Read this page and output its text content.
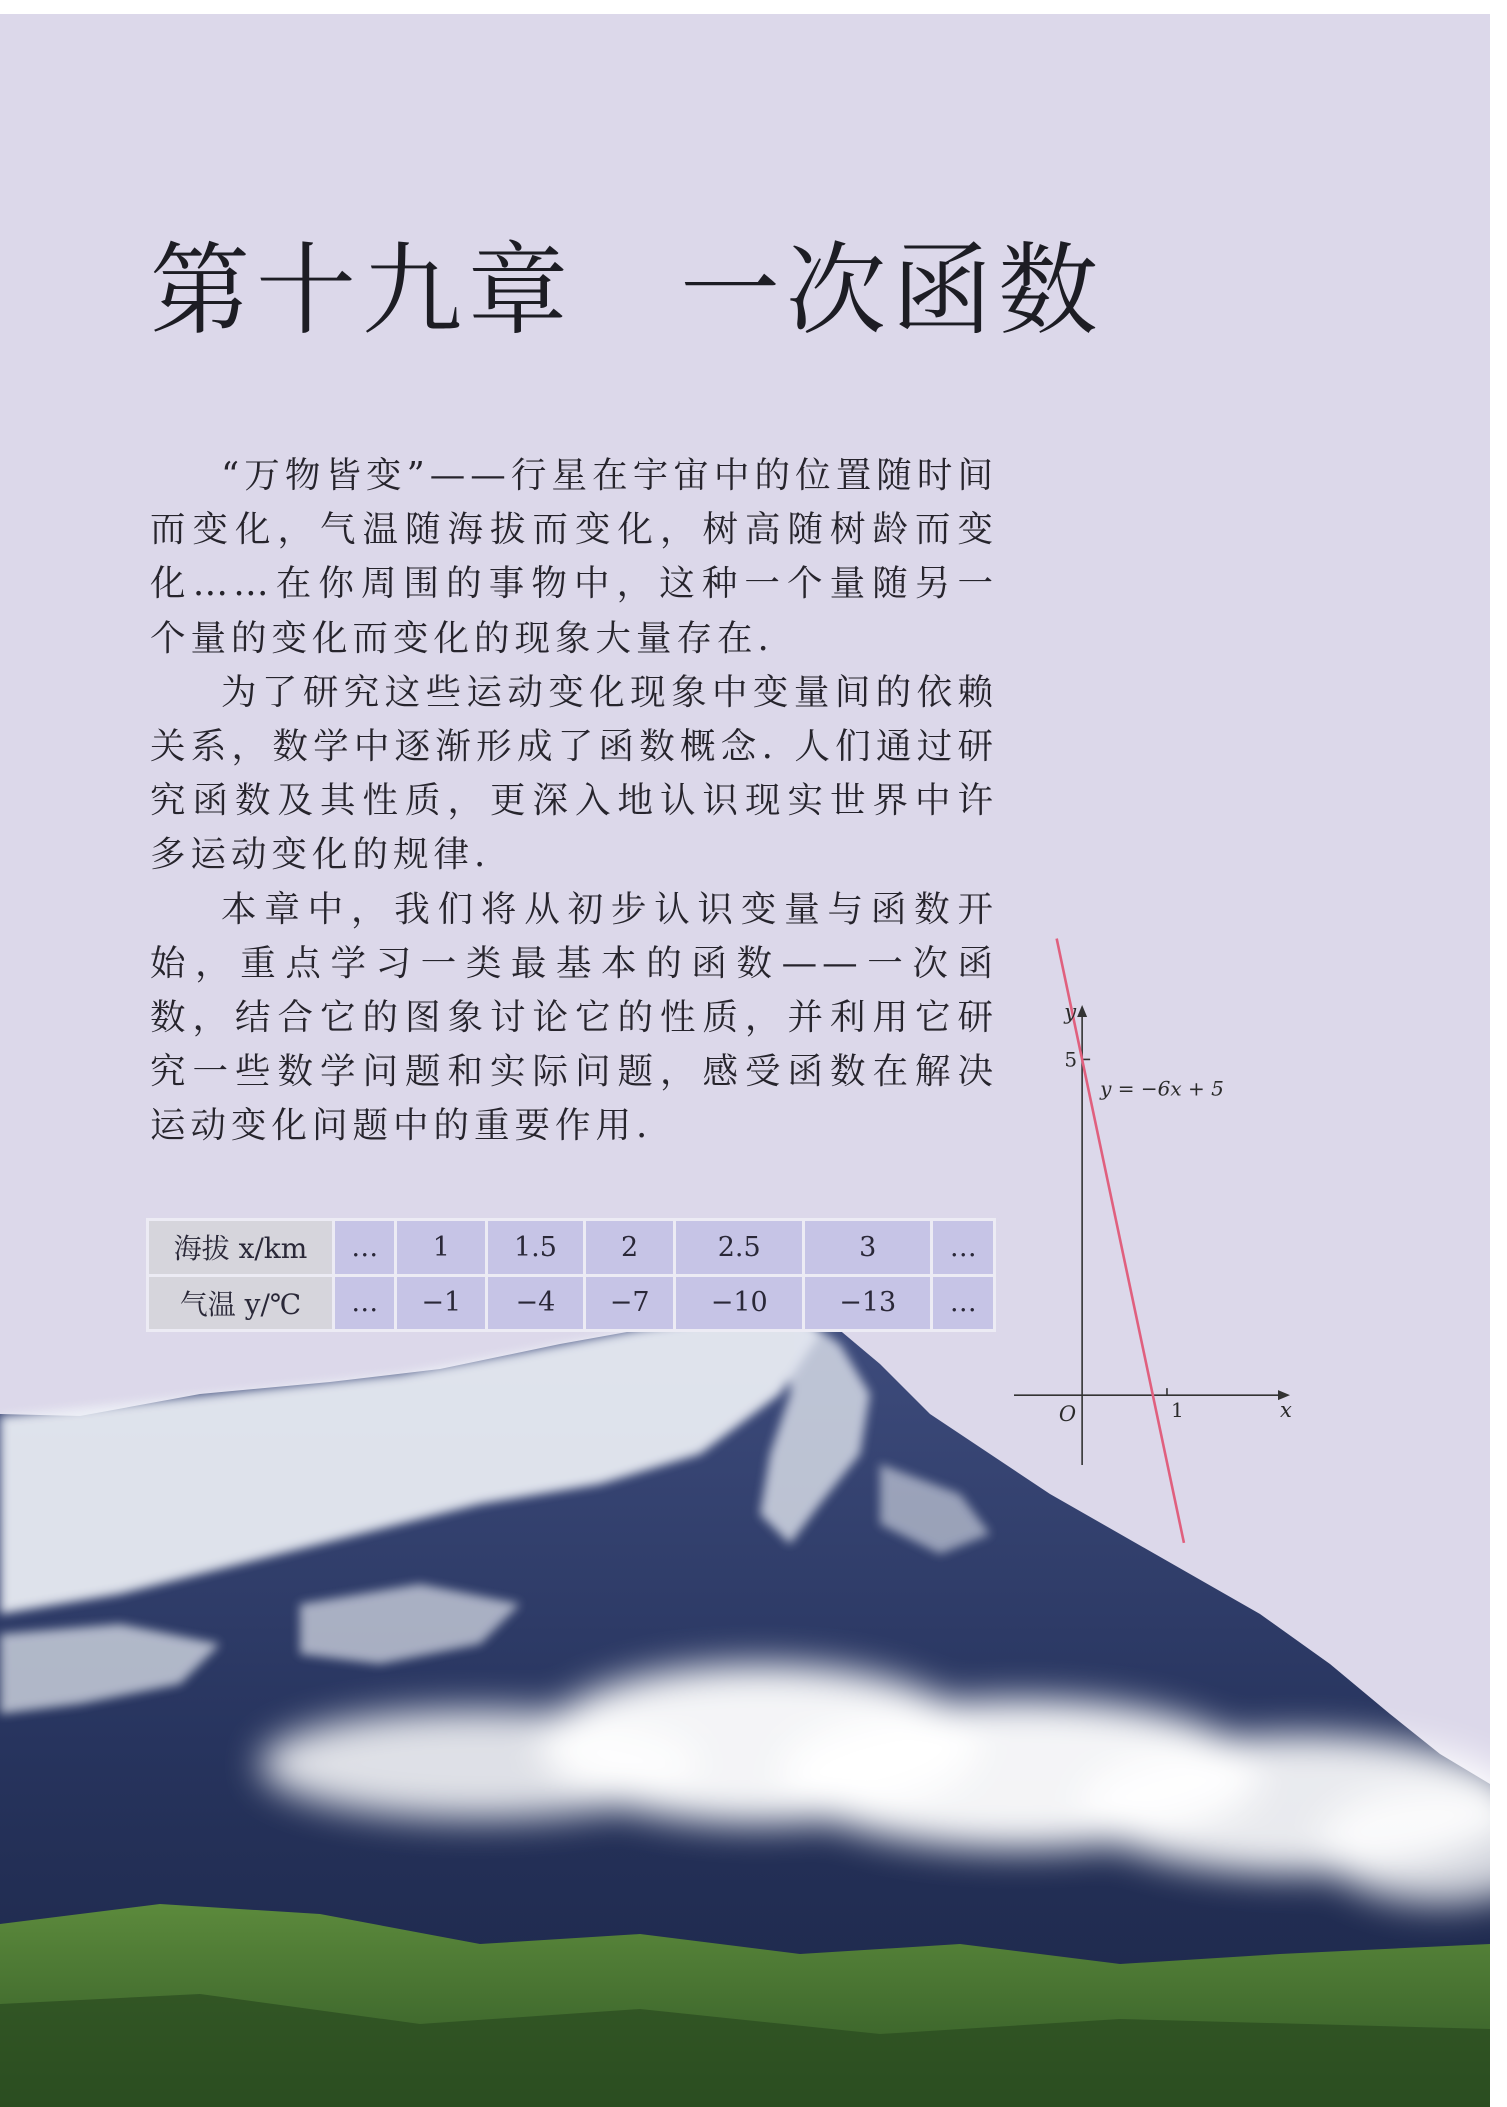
第十九章　一次函数

“万物皆变”——行星在宇宙中的位置随时间而变化，气温随海拔而变化，树高随树龄而变化……在你周围的事物中，这种一个量随另一个量的变化而变化的现象大量存在.

为了研究这些运动变化现象中变量间的依赖关系，数学中逐渐形成了函数概念. 人们通过研究函数及其性质，更深入地认识现实世界中许多运动变化的规律.

本章中，我们将从初步认识变量与函数开始，重点学习一类最基本的函数——一次函数，结合它的图象讨论它的性质，并利用它研究一些数学问题和实际问题，感受函数在解决运动变化问题中的重要作用.

海拔 x/km	…	1	1.5	2	2.5	3	…
气温 y/℃	…	−1	−4	−7	−10	−13	…
1
5
O	x
y
y = −6x + 5
